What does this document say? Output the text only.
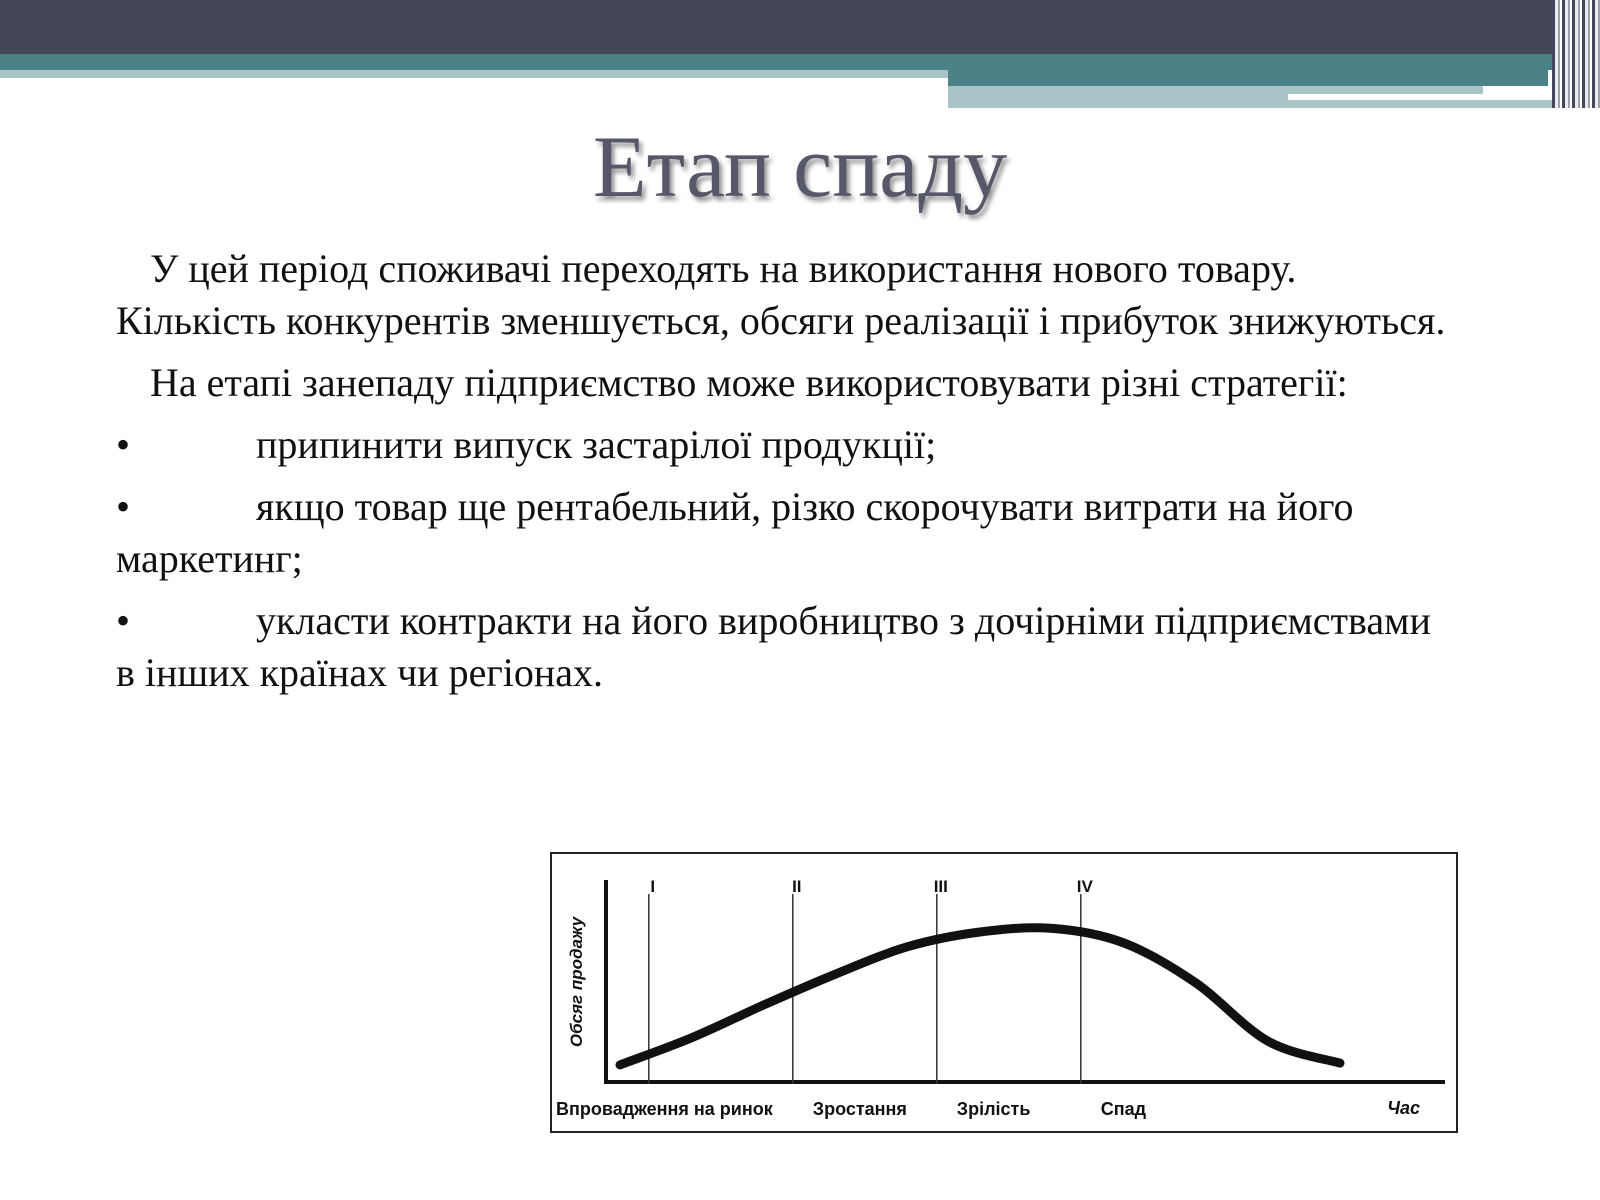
Етап спаду

У цей період споживачі переходять на використання нового товару. Кількість конкурентів зменшується, обсяги реалізації і прибуток знижуються.

На етапі занепаду підприємство може використовувати різні стратегії:

•	припинити випуск застарілої продукції;
•	якщо товар ще рентабельний, різко скорочувати витрати на його маркетинг;
•	укласти контракти на його виробництво з дочірніми підприємствами в інших країнах чи регіонах.
I	II	III	IV
Впровадження на ринок Зростання	Зрілість	Спад
Обсяг продажу
Час
